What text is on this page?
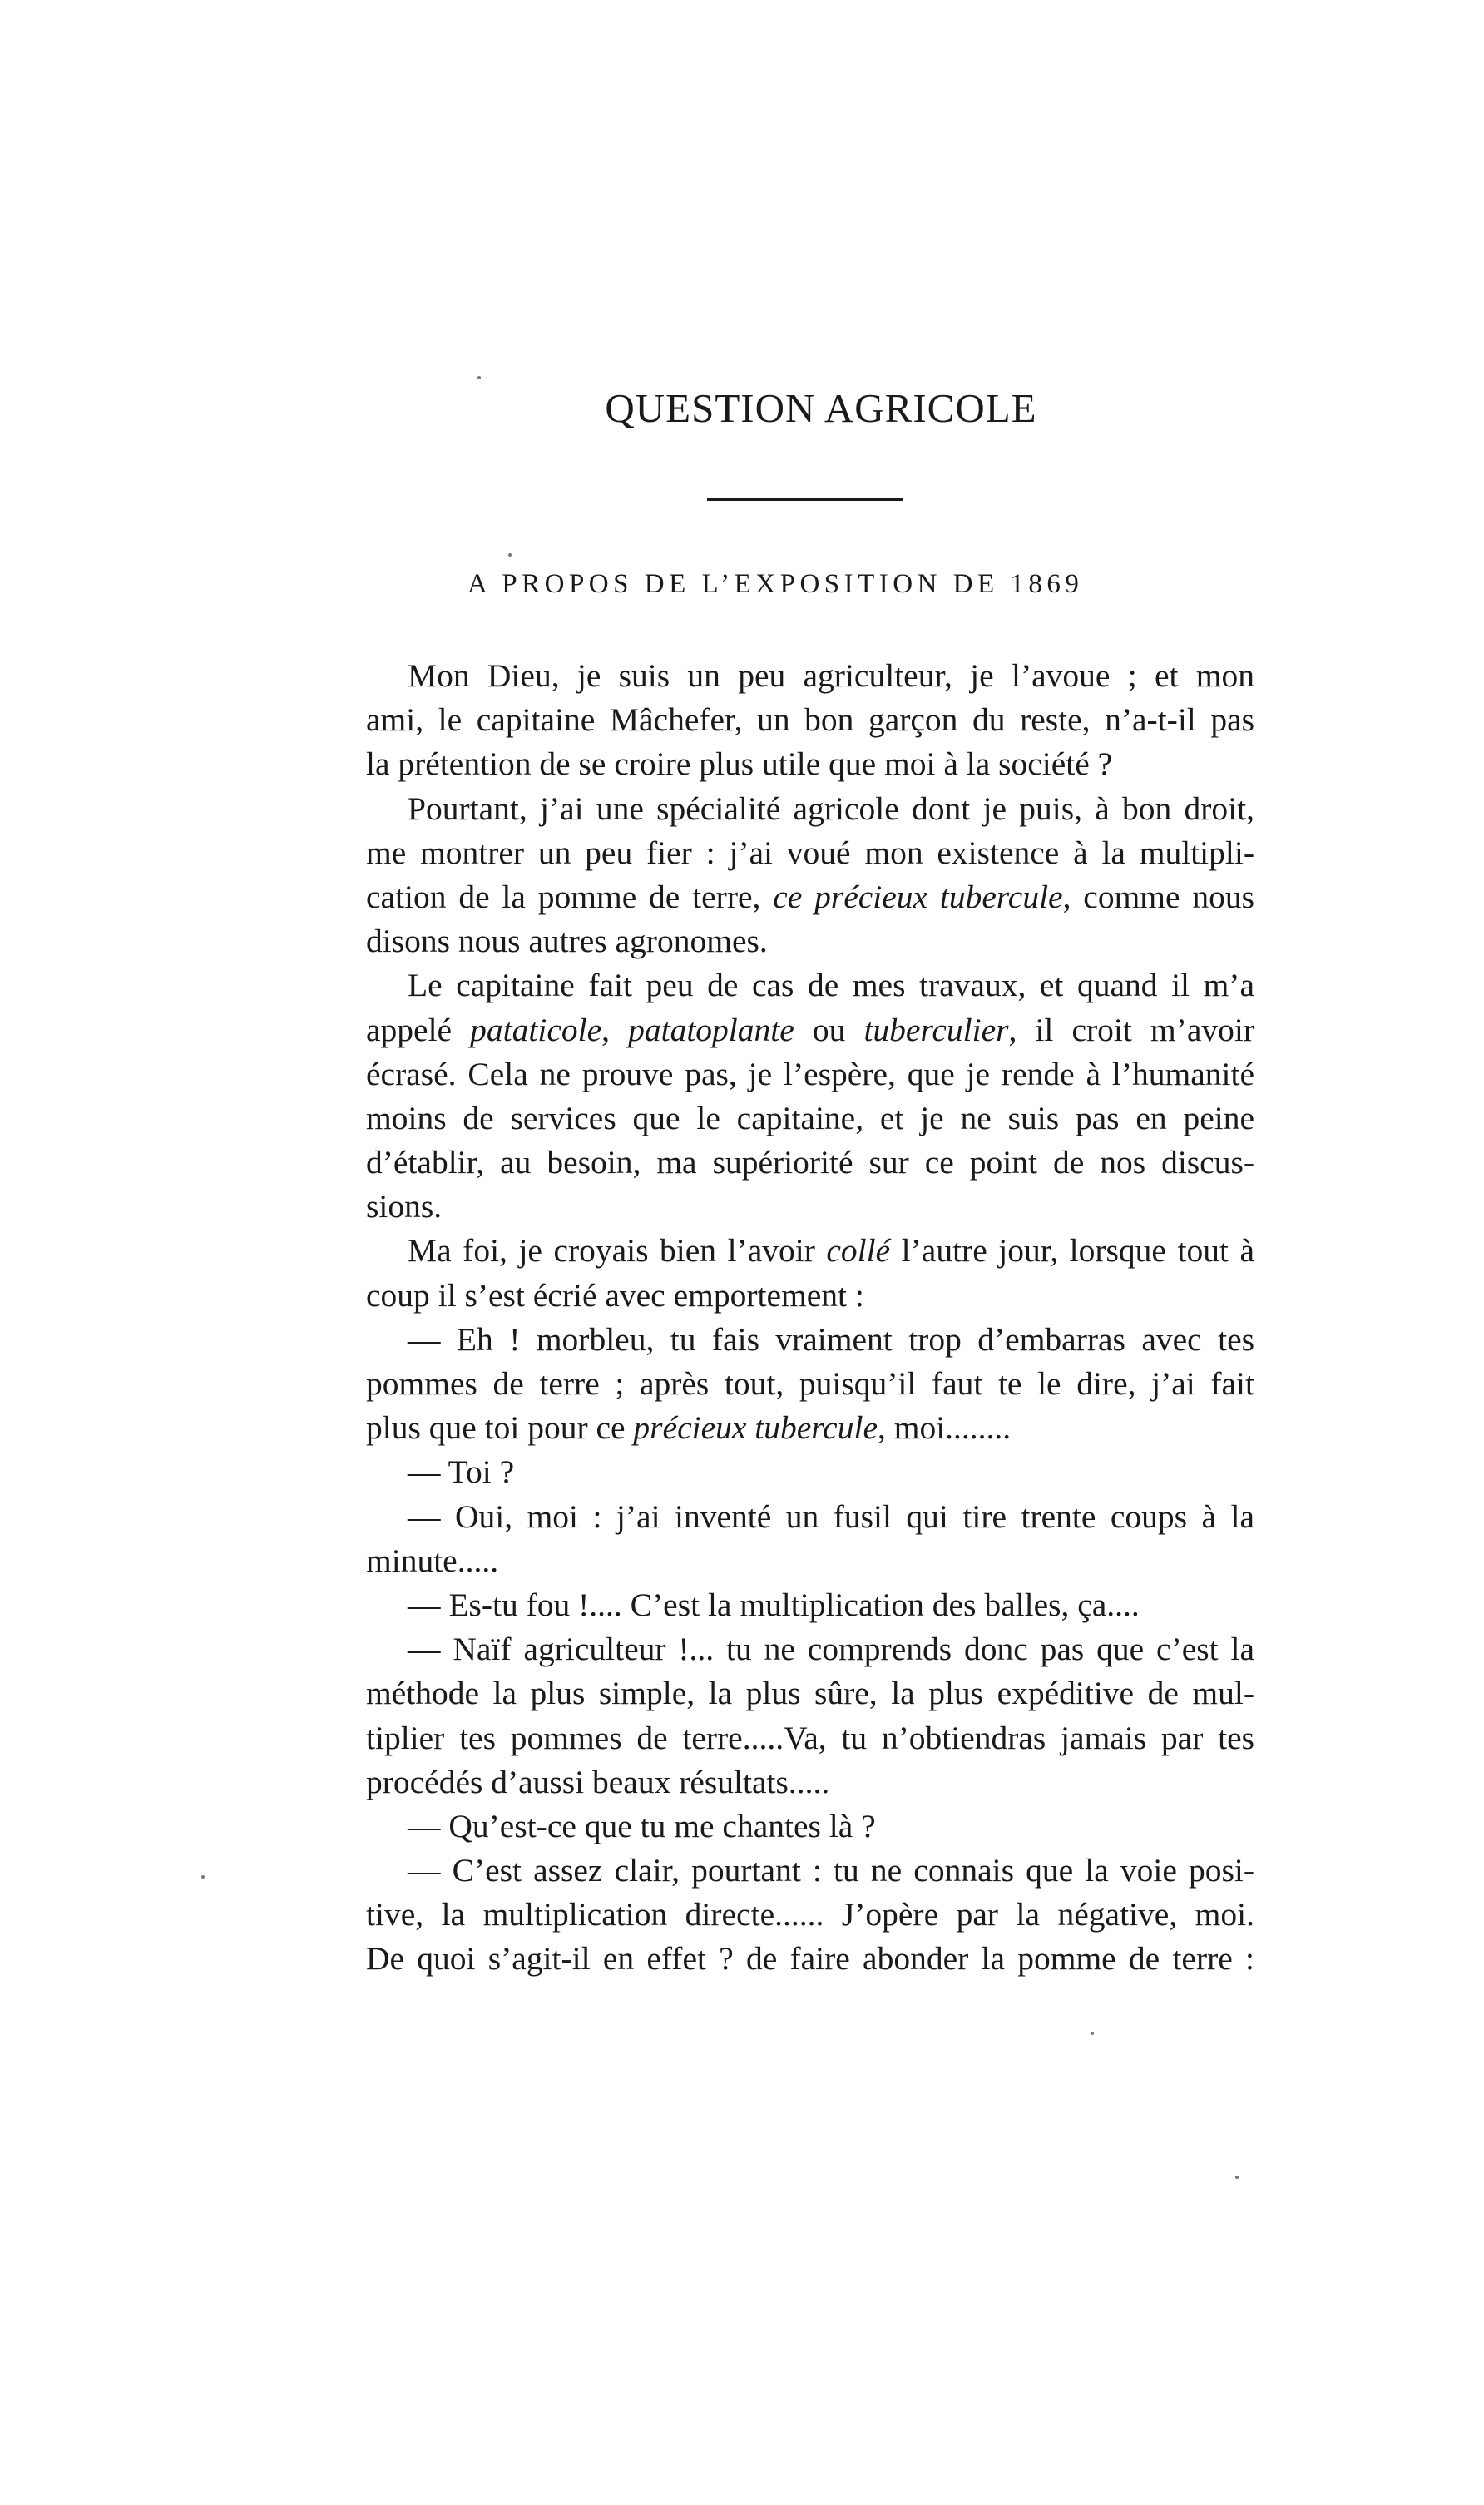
QUESTION AGRICOLE
A PROPOS DE L’EXPOSITION DE 1869
Mon Dieu, je suis un peu agriculteur, je l’avoue ; et mon
ami, le capitaine Mâchefer, un bon garçon du reste, n’a-t-il pas
la prétention de se croire plus utile que moi à la société ?
Pourtant, j’ai une spécialité agricole dont je puis, à bon droit,
me montrer un peu fier : j’ai voué mon existence à la multipli-
cation de la pomme de terre, ce précieux tubercule, comme nous
disons nous autres agronomes.
Le capitaine fait peu de cas de mes travaux, et quand il m’a
appelé pataticole, patatoplante ou tuberculier, il croit m’avoir
écrasé. Cela ne prouve pas, je l’espère, que je rende à l’humanité
moins de services que le capitaine, et je ne suis pas en peine
d’établir, au besoin, ma supériorité sur ce point de nos discus-
sions.
Ma foi, je croyais bien l’avoir collé l’autre jour, lorsque tout à
coup il s’est écrié avec emportement :
— Eh ! morbleu, tu fais vraiment trop d’embarras avec tes
pommes de terre ; après tout, puisqu’il faut te le dire, j’ai fait
plus que toi pour ce précieux tubercule, moi........
— Toi ?
— Oui, moi : j’ai inventé un fusil qui tire trente coups à la
minute.....
— Es-tu fou !.... C’est la multiplication des balles, ça....
— Naïf agriculteur !... tu ne comprends donc pas que c’est la
méthode la plus simple, la plus sûre, la plus expéditive de mul-
tiplier tes pommes de terre.....Va, tu n’obtiendras jamais par tes
procédés d’aussi beaux résultats.....
— Qu’est-ce que tu me chantes là ?
— C’est assez clair, pourtant : tu ne connais que la voie posi-
tive, la multiplication directe...... J’opère par la négative, moi.
De quoi s’agit-il en effet ? de faire abonder la pomme de terre :
